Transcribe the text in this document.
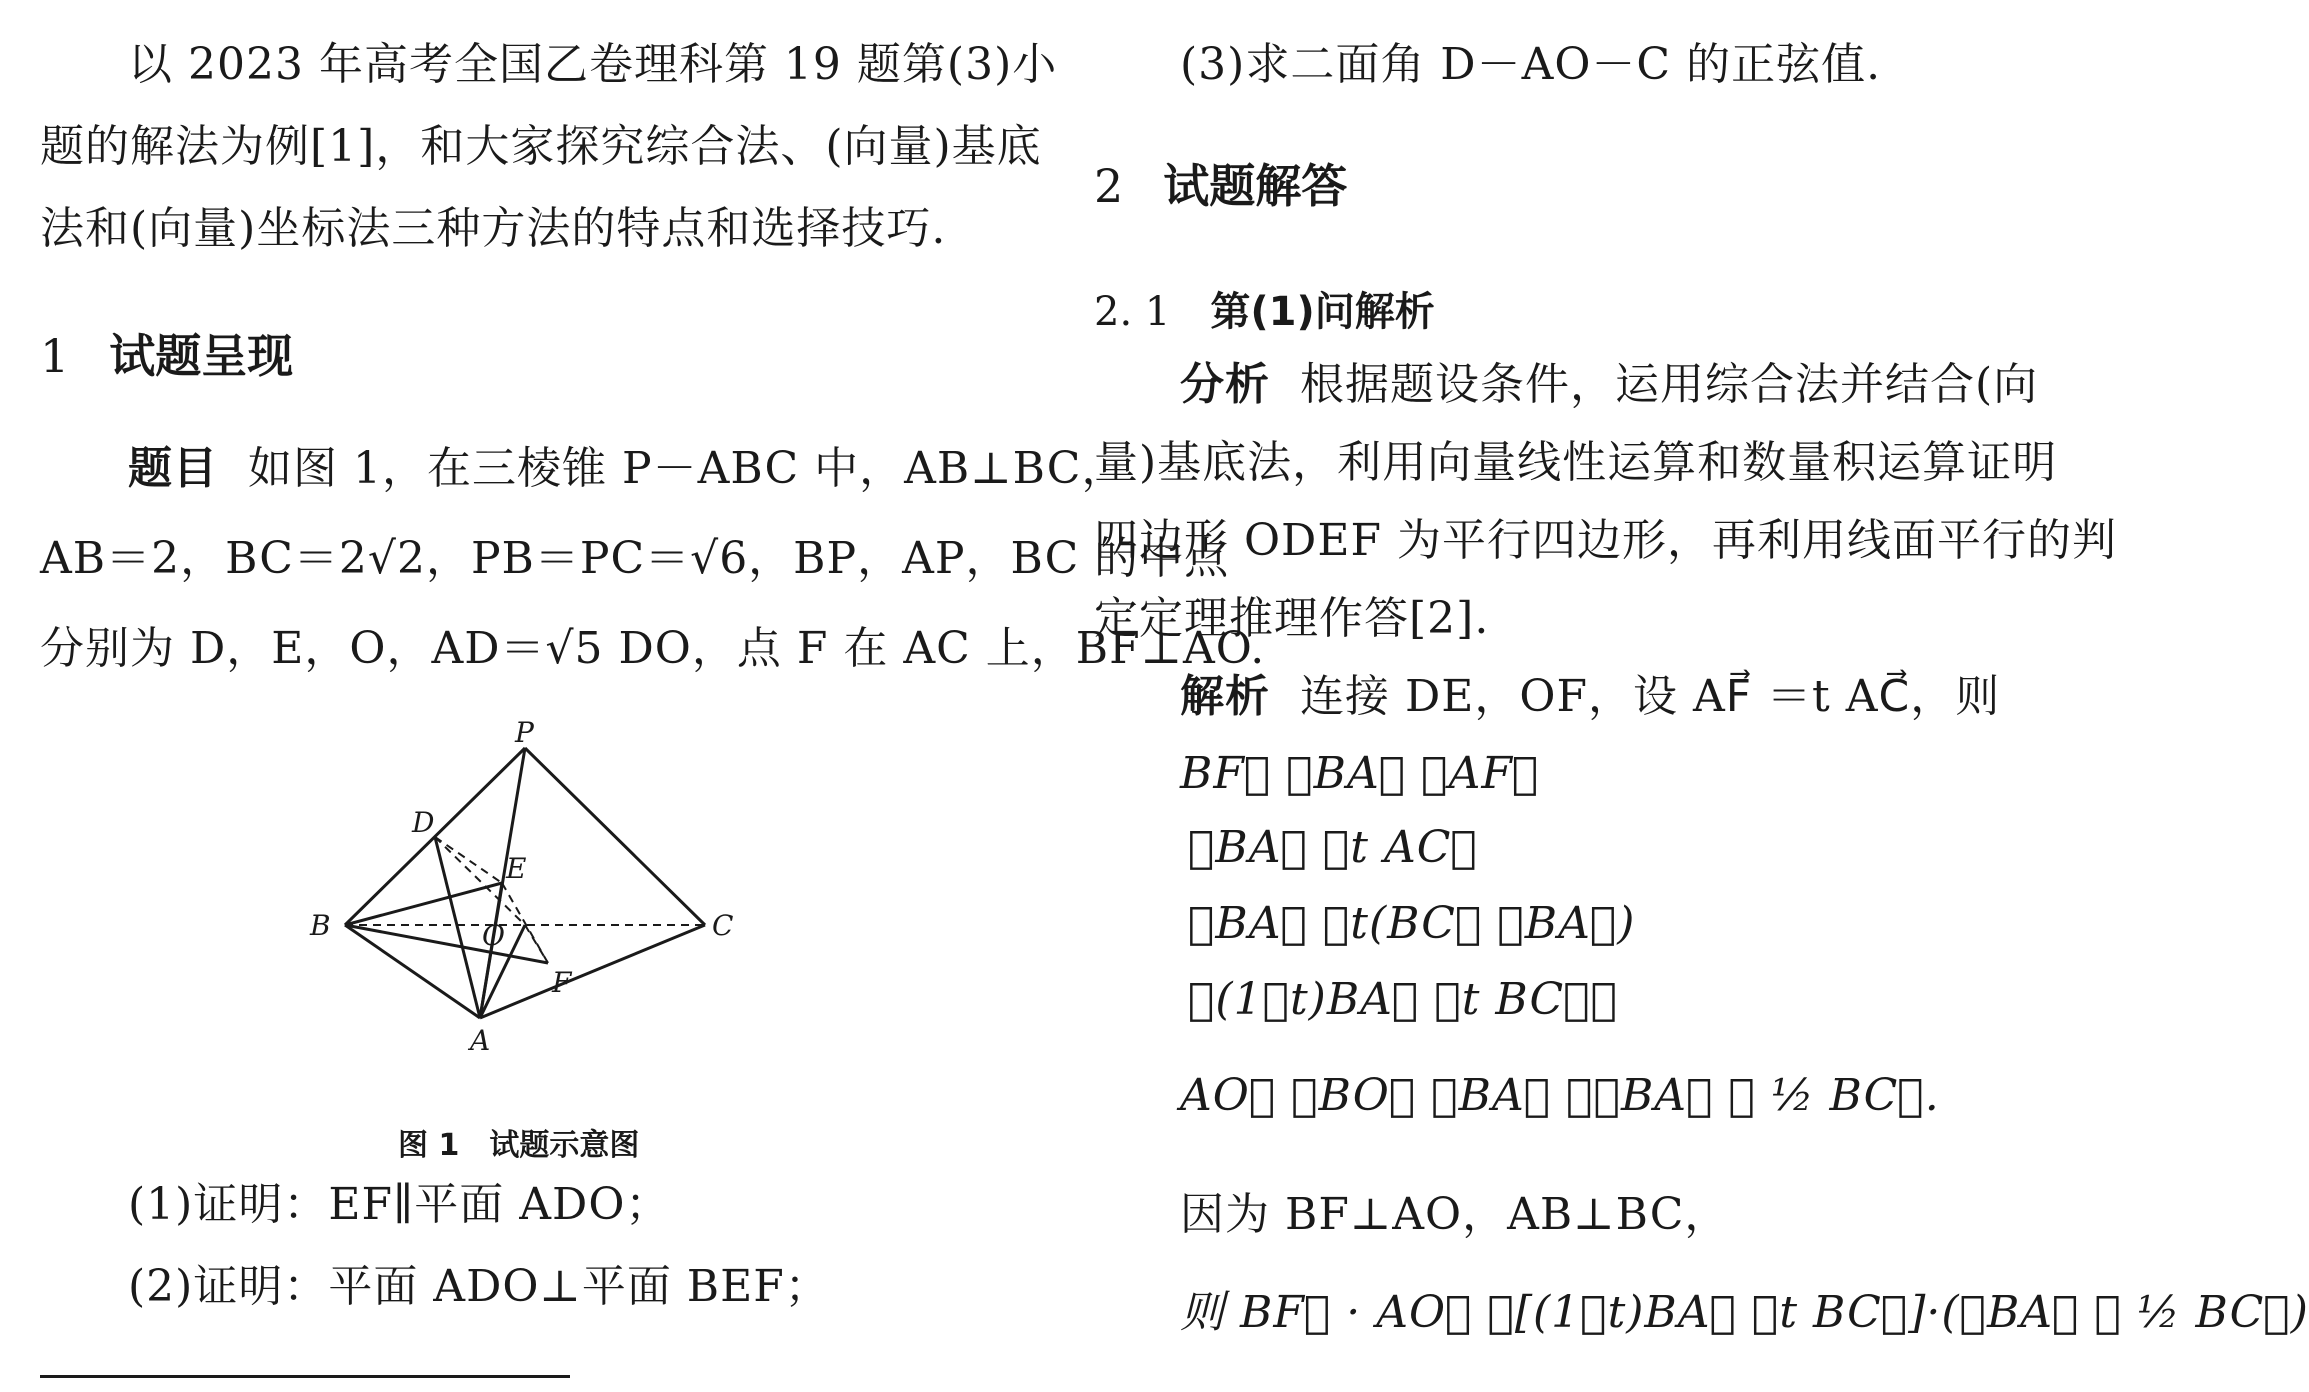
以 2023 年高考全国乙卷理科第 19 题第(3)小

题的解法为例[1]，和大家探究综合法、(向量)基底

法和(向量)坐标法三种方法的特点和选择技巧.

1 试题呈现

题目 如图 1，在三棱锥 P－ABC 中，AB⊥BC，

AB＝2，BC＝2√2，PB＝PC＝√6，BP，AP，BC 的中点

分别为 D，E，O，AD＝√5 DO，点 F 在 AC 上，BF⊥AO.

P
D
E
B	O	C
F
A
图 1 试题示意图

(1)证明：EF∥平面 ADO；

(2)证明：平面 ADO⊥平面 BEF；

(3)求二面角 D－AO－C 的正弦值.

2 试题解答
2. 1 第(1)问解析

分析 根据题设条件，运用综合法并结合(向

量)基底法，利用向量线性运算和数量积运算证明

四边形 ODEF 为平行四边形，再利用线面平行的判

定定理推理作答[2].

解析 连接 DE，OF，设 AF⃗ ＝t AC⃗，则

BF⃗ ＝BA⃗ ＋AF⃗
＝BA⃗ ＋t AC⃗
＝BA⃗ ＋t(BC⃗ －BA⃗)
＝(1－t)BA⃗ ＋t BC⃗，
AO⃗ ＝BO⃗ －BA⃗ ＝－BA⃗ ＋ ½ BC⃗.
因为 BF⊥AO，AB⊥BC，
则 BF⃗ · AO⃗ ＝[(1－t)BA⃗ ＋t BC⃗]·(－BA⃗ ＋ ½ BC⃗)
